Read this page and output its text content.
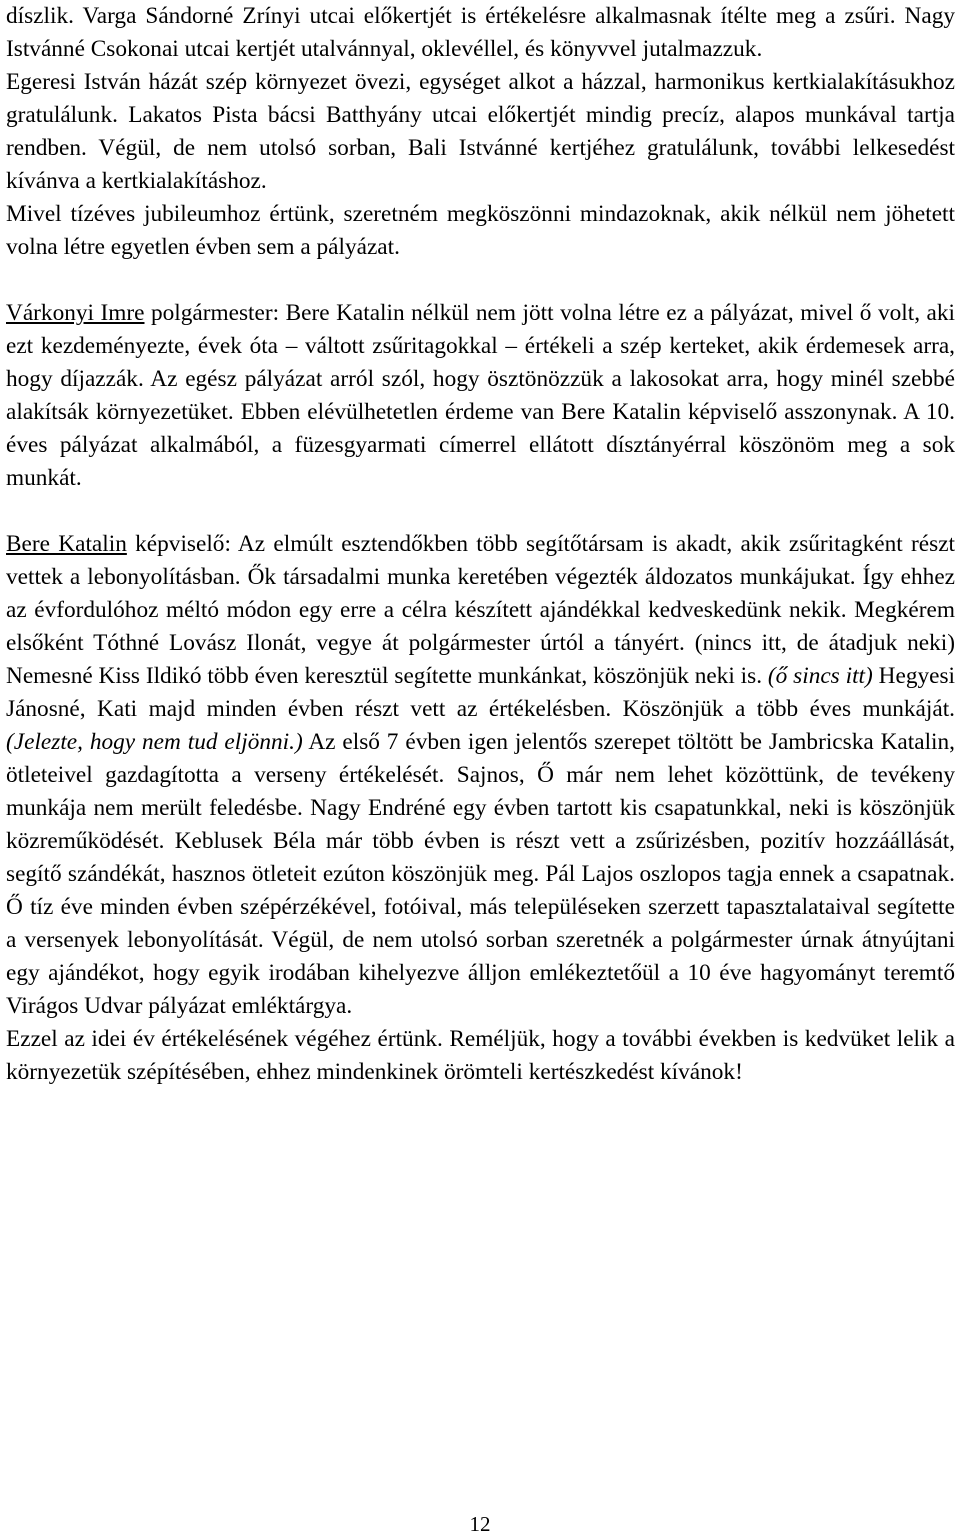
díszlik. Varga Sándorné Zrínyi utcai előkertjét is értékelésre alkalmasnak ítélte meg a zsűri. Nagy Istvánné Csokonai utcai kertjét utalvánnyal, oklevéllel, és könyvvel jutalmazzuk.

Egeresi István házát szép környezet övezi, egységet alkot a házzal, harmonikus kertkialakításukhoz gratulálunk. Lakatos Pista bácsi Batthyány utcai előkertjét mindig precíz, alapos munkával tartja rendben. Végül, de nem utolsó sorban, Bali Istvánné kertjéhez gratulálunk, további lelkesedést kívánva a kertkialakításhoz.

Mivel tízéves jubileumhoz értünk, szeretném megköszönni mindazoknak, akik nélkül nem jöhetett volna létre egyetlen évben sem a pályázat.

Várkonyi Imre polgármester: Bere Katalin nélkül nem jött volna létre ez a pályázat, mivel ő volt, aki ezt kezdeményezte, évek óta – váltott zsűritagokkal – értékeli a szép kerteket, akik érdemesek arra, hogy díjazzák. Az egész pályázat arról szól, hogy ösztönözzük a lakosokat arra, hogy minél szebbé alakítsák környezetüket. Ebben elévülhetetlen érdeme van Bere Katalin képviselő asszonynak. A 10. éves pályázat alkalmából, a füzesgyarmati címerrel ellátott dísztányérral köszönöm meg a sok munkát.

Bere Katalin képviselő: Az elmúlt esztendőkben több segítőtársam is akadt, akik zsűritagként részt vettek a lebonyolításban. Ők társadalmi munka keretében végezték áldozatos munkájukat. Így ehhez az évfordulóhoz méltó módon egy erre a célra készített ajándékkal kedveskedünk nekik. Megkérem elsőként Tóthné Lovász Ilonát, vegye át polgármester úrtól a tányért. (nincs itt, de átadjuk neki) Nemesné Kiss Ildikó több éven keresztül segítette munkánkat, köszönjük neki is. (ő sincs itt) Hegyesi Jánosné, Kati majd minden évben részt vett az értékelésben. Köszönjük a több éves munkáját. (Jelezte, hogy nem tud eljönni.) Az első 7 évben igen jelentős szerepet töltött be Jambricska Katalin, ötleteivel gazdagította a verseny értékelését. Sajnos, Ő már nem lehet közöttünk, de tevékeny munkája nem merült feledésbe. Nagy Endréné egy évben tartott kis csapatunkkal, neki is köszönjük közreműködését. Keblusek Béla már több évben is részt vett a zsűrizésben, pozitív hozzáállását, segítő szándékát, hasznos ötleteit ezúton köszönjük meg. Pál Lajos oszlopos tagja ennek a csapatnak. Ő tíz éve minden évben szépérzékével, fotóival, más településeken szerzett tapasztalataival segítette a versenyek lebonyolítását. Végül, de nem utolsó sorban szeretnék a polgármester úrnak átnyújtani egy ajándékot, hogy egyik irodában kihelyezve álljon emlékeztetőül a 10 éve hagyományt teremtő Virágos Udvar pályázat emléktárgya.

Ezzel az idei év értékelésének végéhez értünk. Reméljük, hogy a további években is kedvüket lelik a környezetük szépítésében, ehhez mindenkinek örömteli kertészkedést kívánok!

12
